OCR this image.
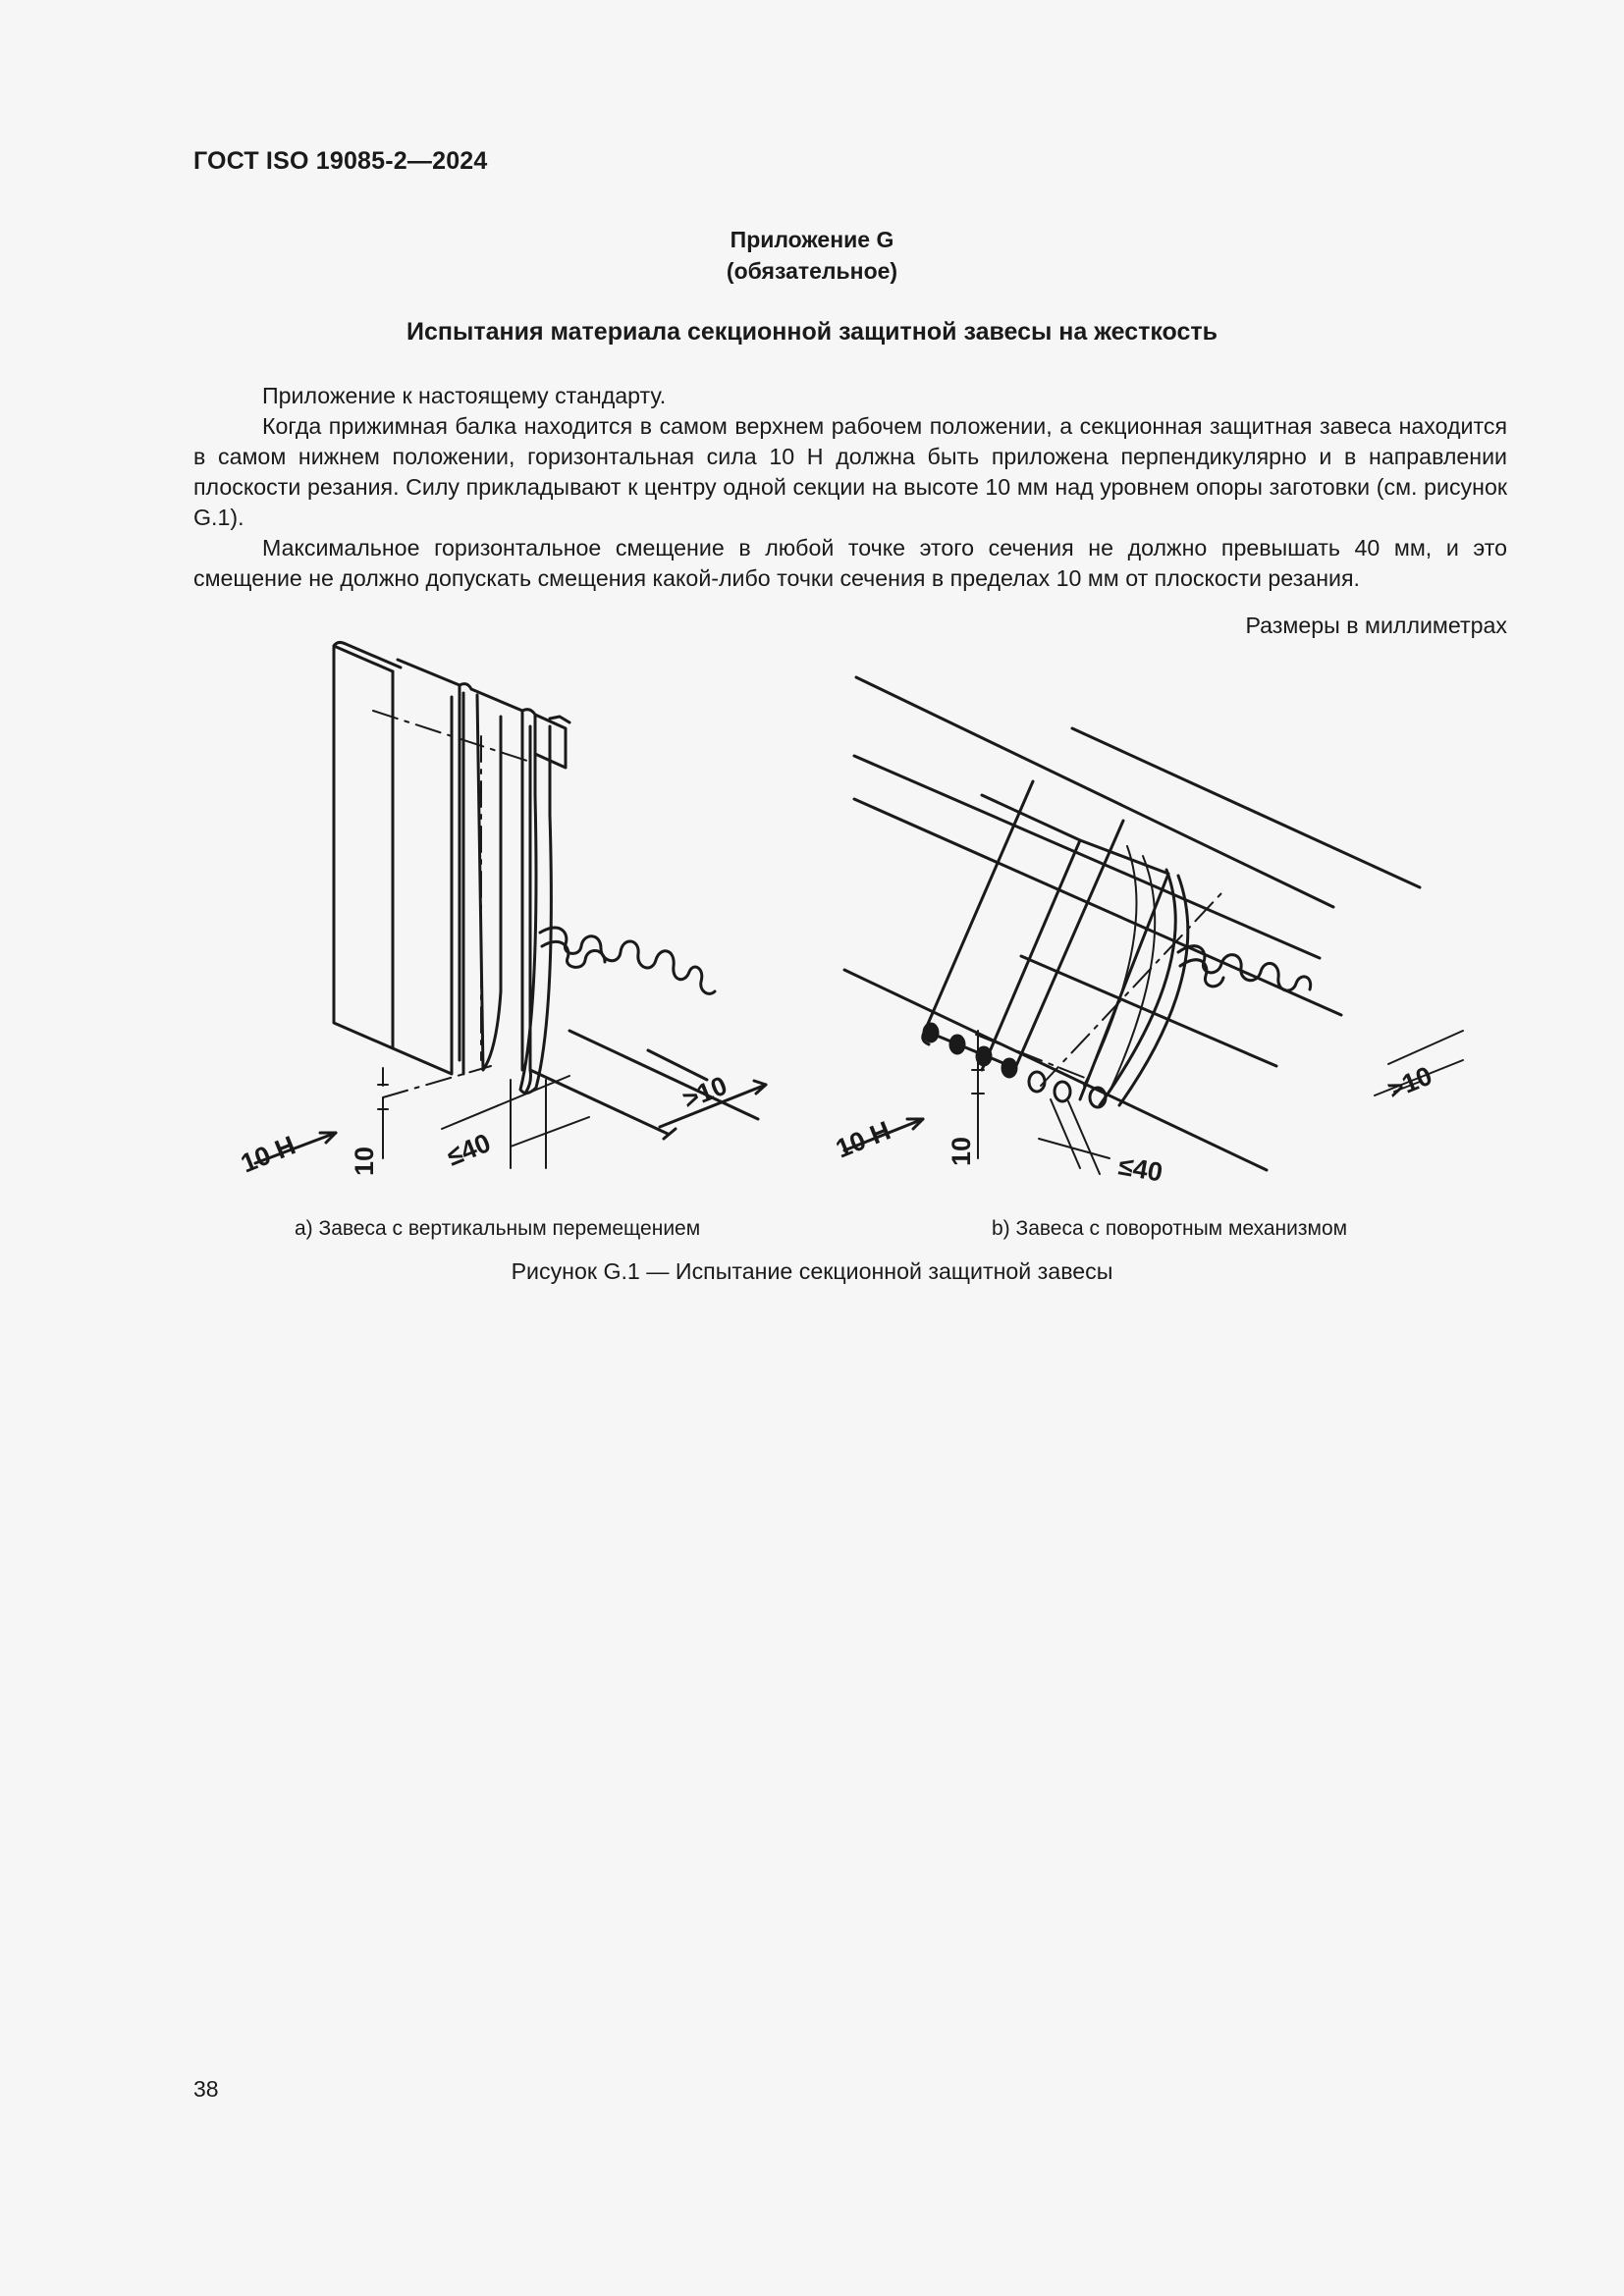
ГОСТ ISO 19085-2—2024
Приложение G
(обязательное)
Испытания материала секционной защитной завесы на жесткость

Приложение к настоящему стандарту.

Когда прижимная балка находится в самом верхнем рабочем положении, а секционная защитная завеса находится в самом нижнем положении, горизонтальная сила 10 Н должна быть приложена перпендикулярно и в направлении плоскости резания. Силу прикладывают к центру одной секции на высоте 10 мм над уровнем опоры заготовки (см. рисунок G.1).

Максимальное горизонтальное смещение в любой точке этого сечения не должно превышать 40 мм, и это смещение не должно допускать смещения какой-либо точки сечения в пределах 10 мм от плоскости резания.

Размеры в миллиметрах
10 H 10 ≤40
>10
10 H 10	≤40
>10
а) Завеса с вертикальным перемещением	b) Завеса с поворотным механизмом
Рисунок G.1 — Испытание секционной защитной завесы
38
